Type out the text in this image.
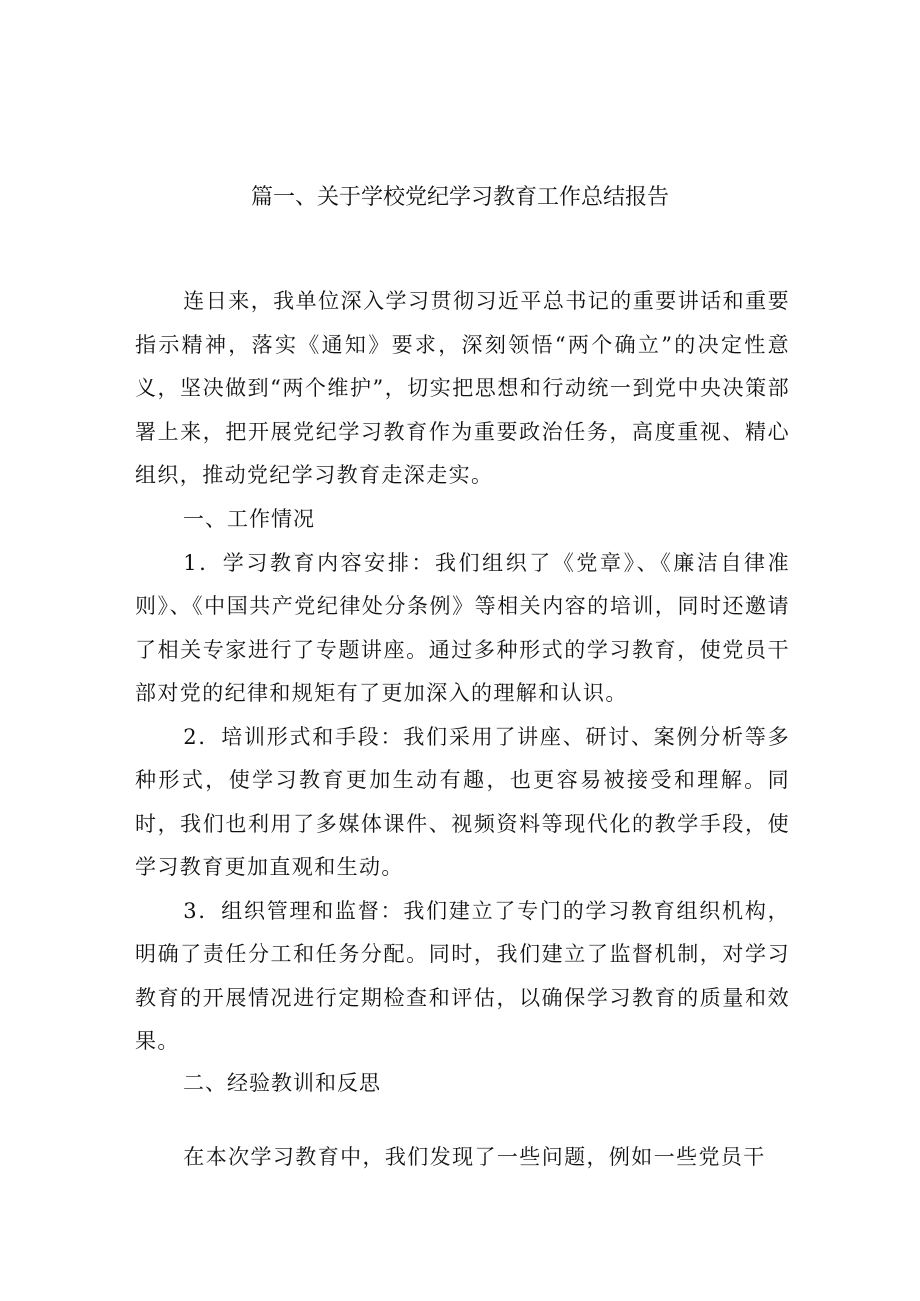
篇一、关于学校党纪学习教育工作总结报告

连日来，我单位深入学习贯彻习近平总书记的重要讲话和重要指示精神，落实《通知》要求，深刻领悟“两个确立”的决定性意义，坚决做到“两个维护”，切实把思想和行动统一到党中央决策部署上来，把开展党纪学习教育作为重要政治任务，高度重视、精心组织，推动党纪学习教育走深走实。

一、工作情况

1．学习教育内容安排：我们组织了《党章》、《廉洁自律准则》、《中国共产党纪律处分条例》等相关内容的培训，同时还邀请了相关专家进行了专题讲座。通过多种形式的学习教育，使党员干部对党的纪律和规矩有了更加深入的理解和认识。

2．培训形式和手段：我们采用了讲座、研讨、案例分析等多种形式，使学习教育更加生动有趣，也更容易被接受和理解。同时，我们也利用了多媒体课件、视频资料等现代化的教学手段，使学习教育更加直观和生动。

3．组织管理和监督：我们建立了专门的学习教育组织机构，明确了责任分工和任务分配。同时，我们建立了监督机制，对学习教育的开展情况进行定期检查和评估，以确保学习教育的质量和效果。

二、经验教训和反思

在本次学习教育中，我们发现了一些问题，例如一些党员干
